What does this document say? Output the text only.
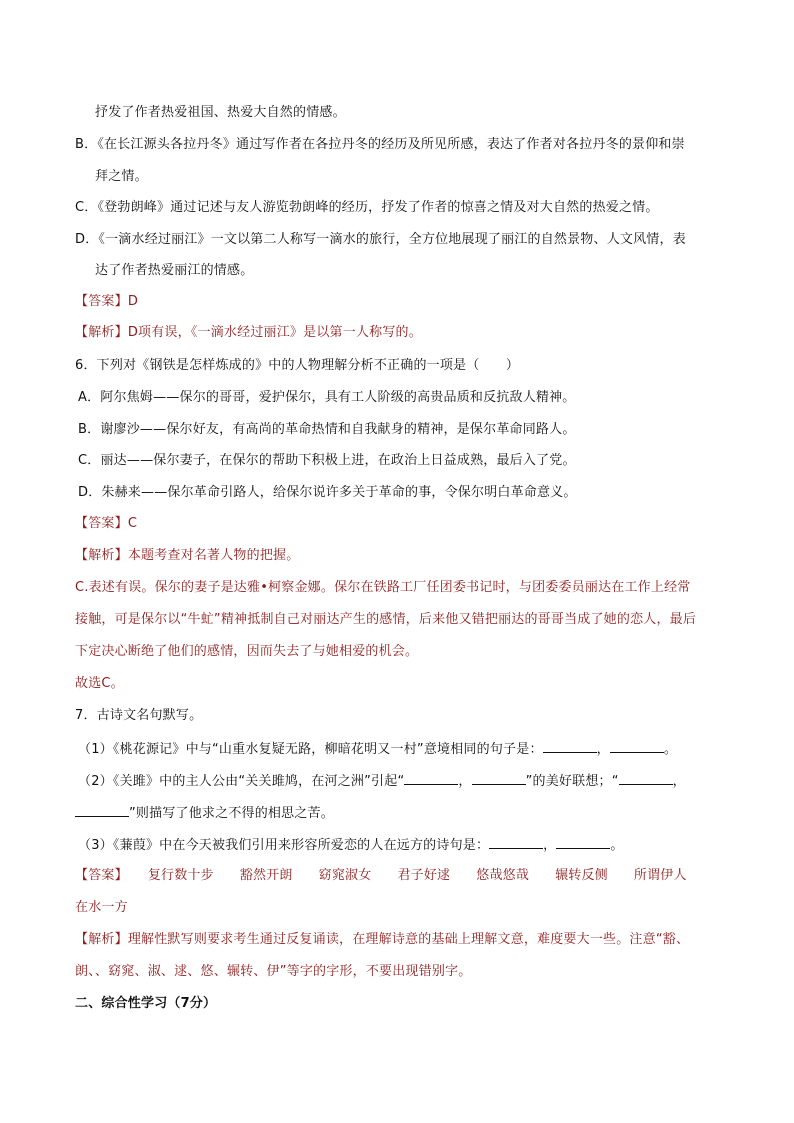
抒发了作者热爱祖国、热爱大自然的情感。
B．《在长江源头各拉丹冬》通过写作者在各拉丹冬的经历及所见所感，表达了作者对各拉丹冬的景仰和崇
拜之情。
C．《登勃朗峰》通过记述与友人游览勃朗峰的经历，抒发了作者的惊喜之情及对大自然的热爱之情。
D．《一滴水经过丽江》一文以第二人称写一滴水的旅行，全方位地展现了丽江的自然景物、人文风情，表
达了作者热爱丽江的情感。
【答案】D
【解析】D项有误，《一滴水经过丽江》是以第一人称写的。
6．下列对《钢铁是怎样炼成的》中的人物理解分析不正确的一项是（　　）
A．阿尔焦姆——保尔的哥哥，爱护保尔，具有工人阶级的高贵品质和反抗敌人精神。
B．谢廖沙——保尔好友，有高尚的革命热情和自我献身的精神，是保尔革命同路人。
C．丽达——保尔妻子，在保尔的帮助下积极上进，在政治上日益成熟，最后入了党。
D．朱赫来——保尔革命引路人，给保尔说许多关于革命的事，令保尔明白革命意义。
【答案】C
【解析】本题考查对名著人物的把握。
C.表述有误。保尔的妻子是达雅•柯察金娜。保尔在铁路工厂任团委书记时，与团委委员丽达在工作上经常
接触，可是保尔以“牛虻”精神抵制自己对丽达产生的感情，后来他又错把丽达的哥哥当成了她的恋人，最后
下定决心断绝了他们的感情，因而失去了与她相爱的机会。
故选C。
7．古诗文名句默写。
（1）《桃花源记》中与“山重水复疑无路，柳暗花明又一村”意境相同的句子是：	，	。
（2）《关雎》中的主人公由“关关雎鸠，在河之洲”引起“	，	”的美好联想；“	，
”则描写了他求之不得的相思之苦。
（3）《蒹葭》中在今天被我们引用来形容所爱恋的人在远方的诗句是：	，	。
【答案】 复行数十步 豁然开朗 窈窕淑女 君子好逑 悠哉悠哉 辗转反侧 所谓伊人
在水一方
【解析】理解性默写则要求考生通过反复诵读，在理解诗意的基础上理解文意，难度要大一些。注意“豁、
朗、、窈窕、淑、逑、悠、辗转、伊”等字的字形，不要出现错别字。
二、综合性学习（7分）
